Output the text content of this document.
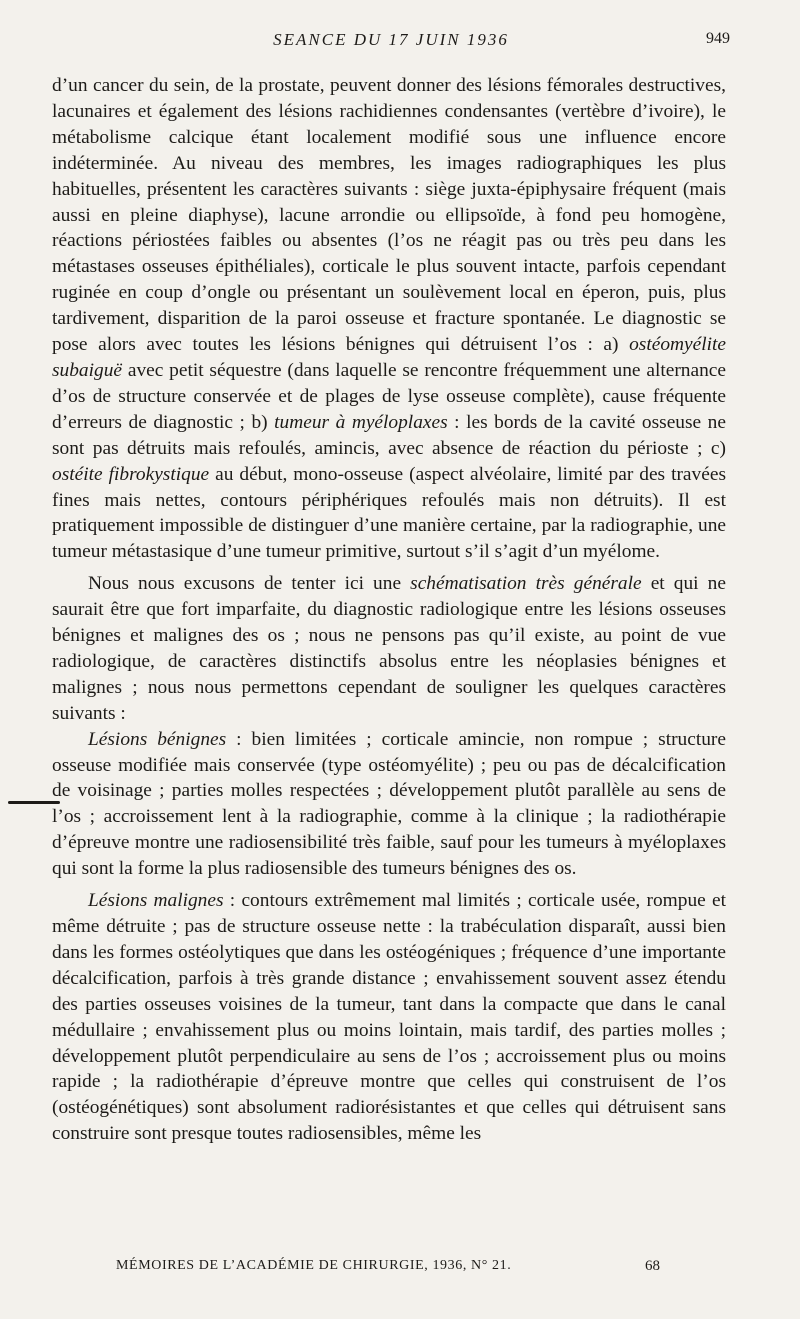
SEANCE DU 17 JUIN 1936	949

d’un cancer du sein, de la prostate, peuvent donner des lésions fémorales destructives, lacunaires et également des lésions rachidiennes condensantes (vertèbre d’ivoire), le métabolisme calcique étant localement modifié sous une influence encore indéterminée. Au niveau des membres, les images radiographiques les plus habituelles, présentent les caractères suivants : siège juxta-épiphysaire fréquent (mais aussi en pleine diaphyse), lacune arrondie ou ellipsoïde, à fond peu homogène, réactions périostées faibles ou absentes (l’os ne réagit pas ou très peu dans les métastases osseuses épithéliales), corticale le plus souvent intacte, parfois cependant ruginée en coup d’ongle ou présentant un soulèvement local en éperon, puis, plus tardivement, disparition de la paroi osseuse et fracture spontanée. Le diagnostic se pose alors avec toutes les lésions bénignes qui détruisent l’os : a) ostéomyélite subaiguë avec petit séquestre (dans laquelle se rencontre fréquemment une alternance d’os de structure conservée et de plages de lyse osseuse complète), cause fréquente d’erreurs de diagnostic ; b) tumeur à myéloplaxes : les bords de la cavité osseuse ne sont pas détruits mais refoulés, amincis, avec absence de réaction du périoste ; c) ostéite fibrokystique au début, mono-osseuse (aspect alvéolaire, limité par des travées fines mais nettes, contours périphériques refoulés mais non détruits). Il est pratiquement impossible de distinguer d’une manière certaine, par la radiographie, une tumeur métastasique d’une tumeur primitive, surtout s’il s’agit d’un myélome.

Nous nous excusons de tenter ici une schématisation très générale et qui ne saurait être que fort imparfaite, du diagnostic radiologique entre les lésions osseuses bénignes et malignes des os ; nous ne pensons pas qu’il existe, au point de vue radiologique, de caractères distinctifs absolus entre les néoplasies bénignes et malignes ; nous nous permettons cependant de souligner les quelques caractères suivants :

Lésions bénignes : bien limitées ; corticale amincie, non rompue ; structure osseuse modifiée mais conservée (type ostéomyélite) ; peu ou pas de décalcification de voisinage ; parties molles respectées ; développement plutôt parallèle au sens de l’os ; accroissement lent à la radiographie, comme à la clinique ; la radiothérapie d’épreuve montre une radiosensibilité très faible, sauf pour les tumeurs à myéloplaxes qui sont la forme la plus radiosensible des tumeurs bénignes des os.

Lésions malignes : contours extrêmement mal limités ; corticale usée, rompue et même détruite ; pas de structure osseuse nette : la trabéculation disparaît, aussi bien dans les formes ostéolytiques que dans les ostéogéniques ; fréquence d’une importante décalcification, parfois à très grande distance ; envahissement souvent assez étendu des parties osseuses voisines de la tumeur, tant dans la compacte que dans le canal médullaire ; envahissement plus ou moins lointain, mais tardif, des parties molles ; développement plutôt perpendiculaire au sens de l’os ; accroissement plus ou moins rapide ; la radiothérapie d’épreuve montre que celles qui construisent de l’os (ostéogénétiques) sont absolument radiorésistantes et que celles qui détruisent sans construire sont presque toutes radiosensibles, même les

MÉMOIRES DE L’ACADÉMIE DE CHIRURGIE, 1936, N° 21.	68
